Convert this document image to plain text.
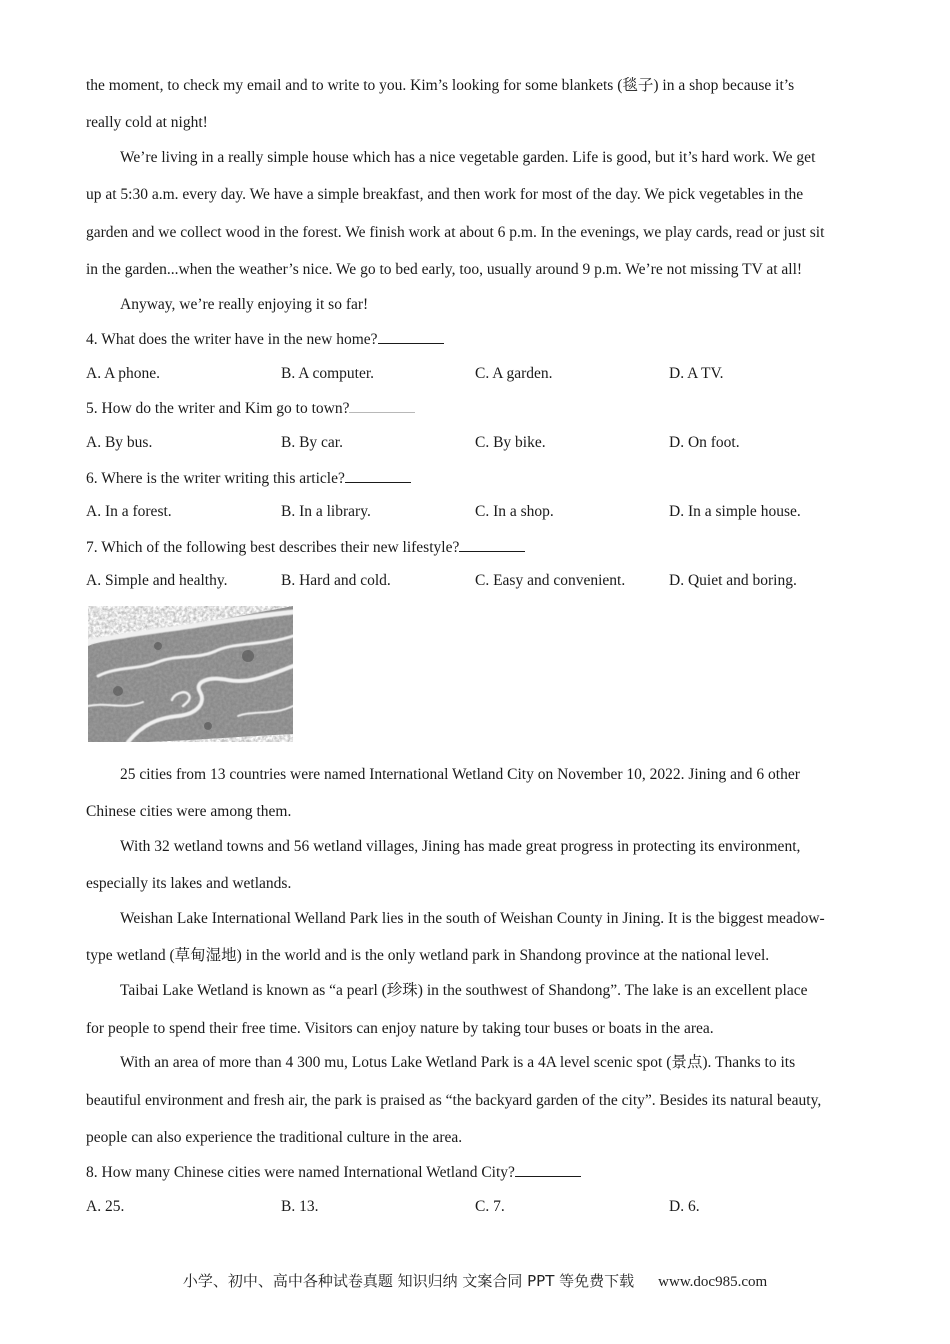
the moment, to check my email and to write to you. Kim’s looking for some blankets (毯子) in a shop because it’s
really cold at night!
We’re living in a really simple house which has a nice vegetable garden. Life is good, but it’s hard work. We get
up at 5:30 a.m. every day. We have a simple breakfast, and then work for most of the day. We pick vegetables in the
garden and we collect wood in the forest. We finish work at about 6 p.m. In the evenings, we play cards, read or just sit
in the garden...when the weather’s nice. We go to bed early, too, usually around 9 p.m. We’re not missing TV at all!
Anyway, we’re really enjoying it so far!
4. What does the writer have in the new home?
A. A phone.	B. A computer.	C. A garden.	D. A TV.
5. How do the writer and Kim go to town?
A. By bus.	B. By car.	C. By bike.	D. On foot.
6. Where is the writer writing this article?
A. In a forest.	B. In a library.	C. In a shop.	D. In a simple house.
7. Which of the following best describes their new lifestyle?
A. Simple and healthy.	B. Hard and cold.	C. Easy and convenient.	D. Quiet and boring.
25 cities from 13 countries were named International Wetland City on November 10, 2022. Jining and 6 other
Chinese cities were among them.
With 32 wetland towns and 56 wetland villages, Jining has made great progress in protecting its environment,
especially its lakes and wetlands.
Weishan Lake International Welland Park lies in the south of Weishan County in Jining. It is the biggest meadow-
type wetland (草甸湿地) in the world and is the only wetland park in Shandong province at the national level.
Taibai Lake Wetland is known as “a pearl (珍珠) in the southwest of Shandong”. The lake is an excellent place
for people to spend their free time. Visitors can enjoy nature by taking tour buses or boats in the area.
With an area of more than 4 300 mu, Lotus Lake Wetland Park is a 4A level scenic spot (景点). Thanks to its
beautiful environment and fresh air, the park is praised as “the backyard garden of the city”. Besides its natural beauty,
people can also experience the traditional culture in the area.
8. How many Chinese cities were named International Wetland City?
A. 25.	B. 13.	C. 7.	D. 6.
小学、初中、高中各种试卷真题 知识归纳 文案合同 PPT 等免费下载 www.doc985.com
